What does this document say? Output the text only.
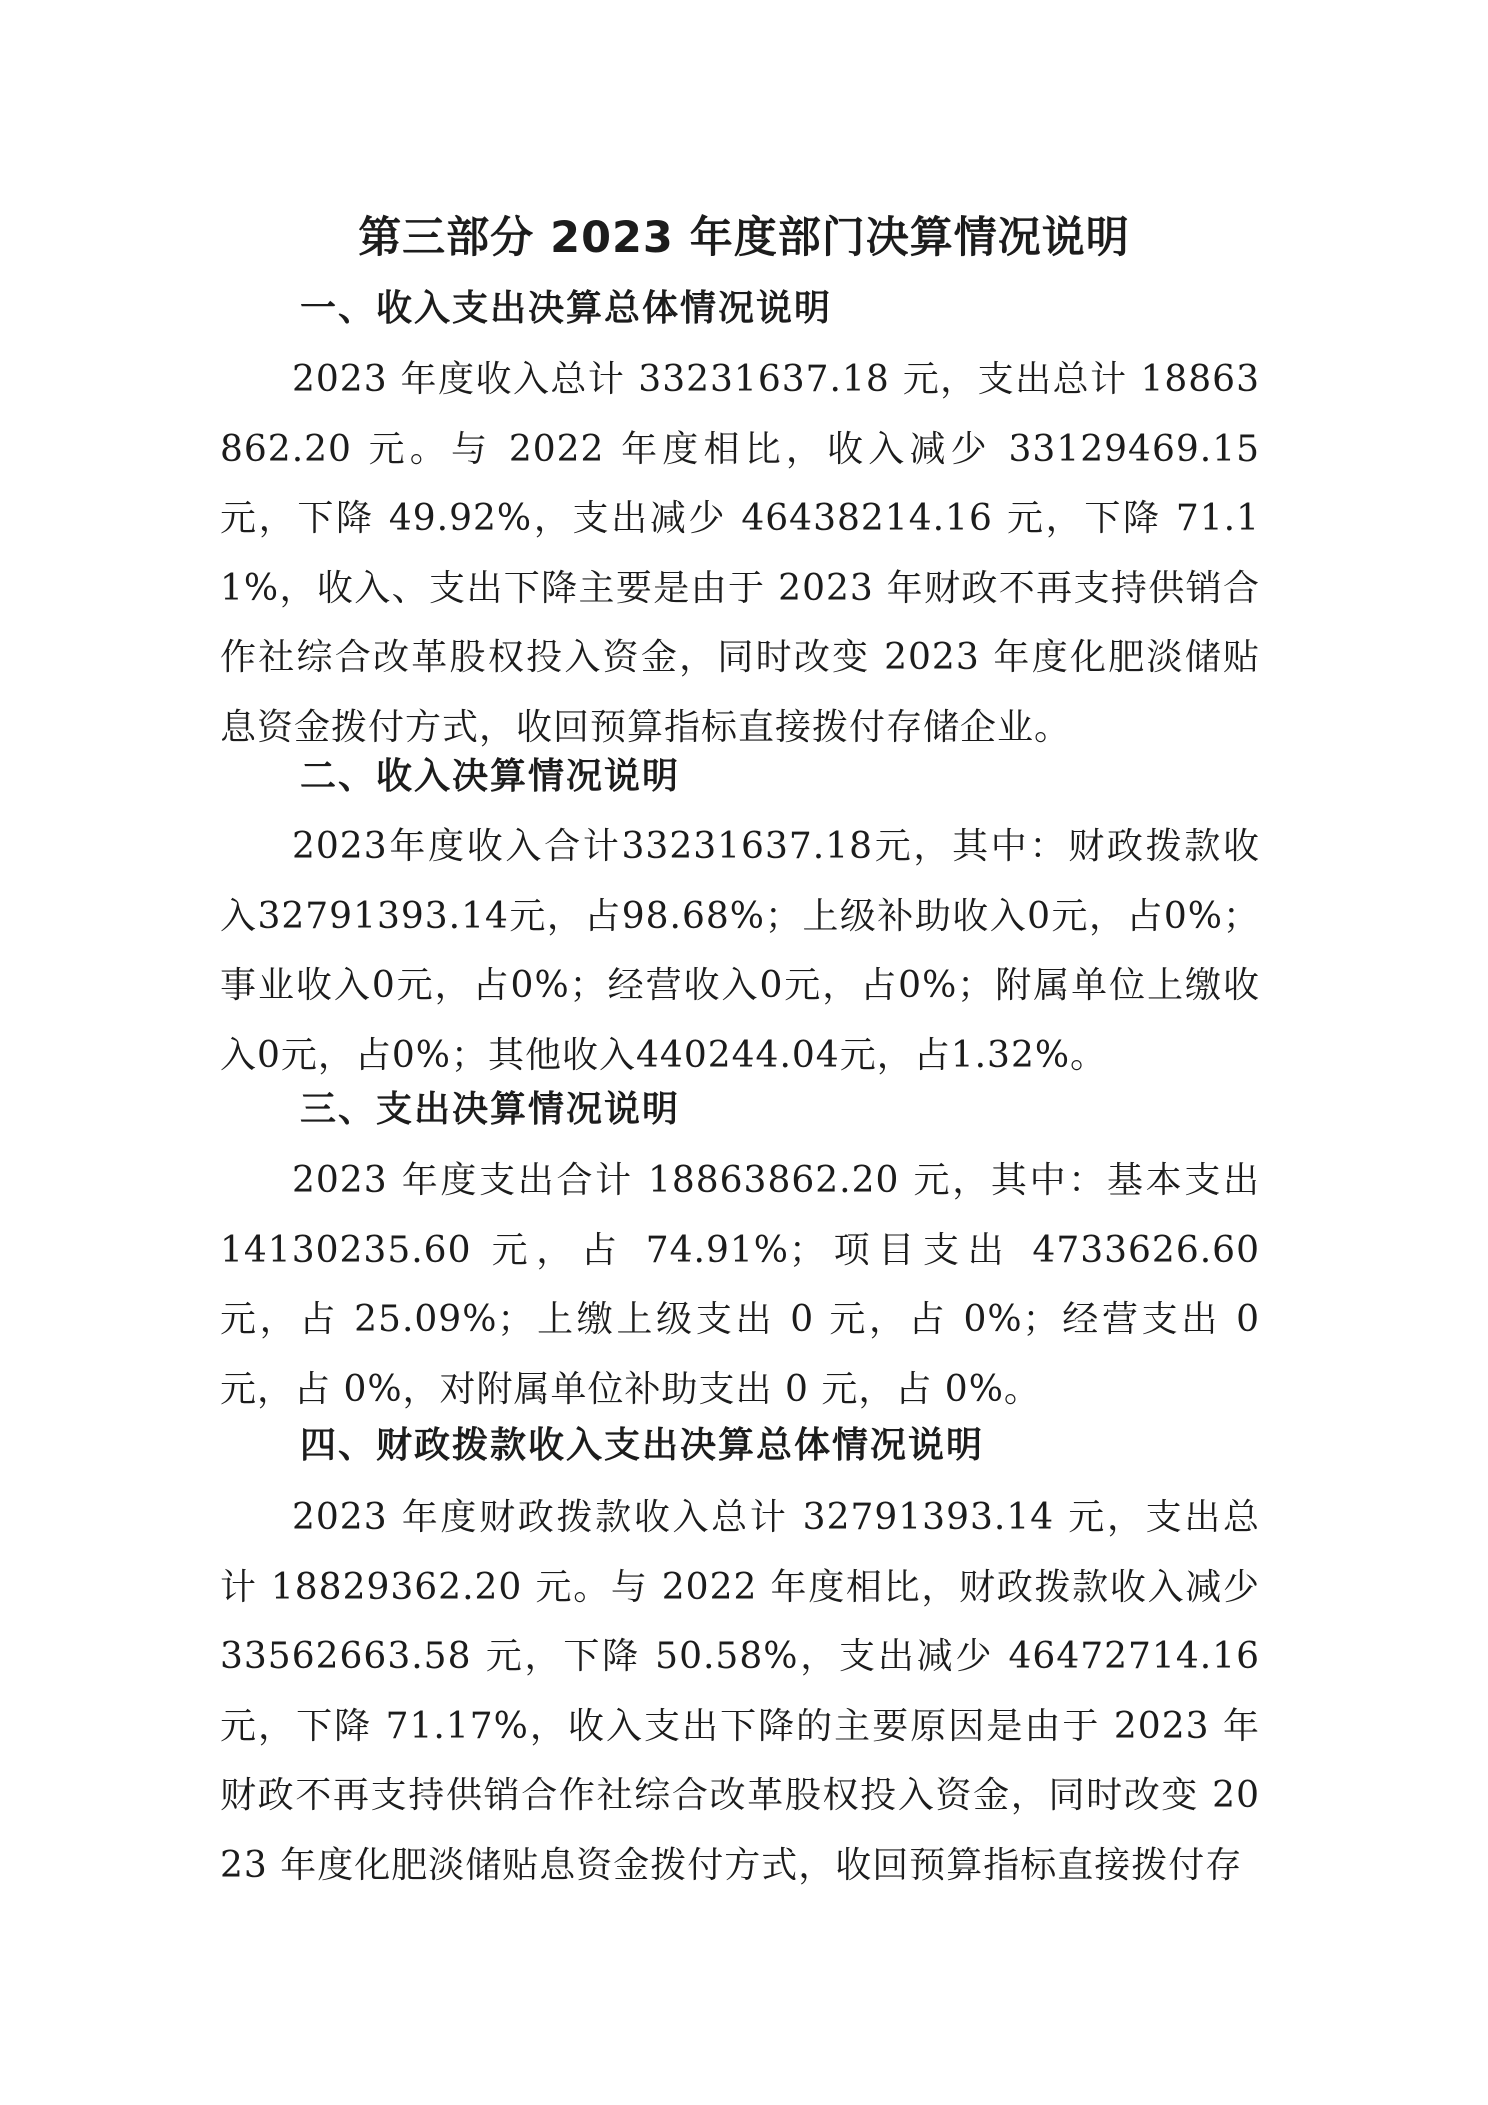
第三部分 2023 年度部门决算情况说明
一、收入支出决算总体情况说明
2023 年度收入总计 33231637.18 元，支出总计 18863862.20 元。与 2022 年度相比，收入减少 33129469.15 元，下降 49.92%，支出减少 46438214.16 元，下降 71.11%，收入、支出下降主要是由于 2023 年财政不再支持供销合作社综合改革股权投入资金，同时改变 2023 年度化肥淡储贴息资金拨付方式，收回预算指标直接拨付存储企业。
二、收入决算情况说明
2023年度收入合计33231637.18元，其中：财政拨款收入32791393.14元，占98.68%；上级补助收入0元，占0%；事业收入0元，占0%；经营收入0元，占0%；附属单位上缴收入0元，占0%；其他收入440244.04元，占1.32%。
三、支出决算情况说明
2023 年度支出合计 18863862.20 元，其中：基本支出 14130235.60 元，占 74.91%；项目支出 4733626.60 元，占 25.09%；上缴上级支出 0 元，占 0%；经营支出 0 元，占 0%，对附属单位补助支出 0 元，占 0%。
四、财政拨款收入支出决算总体情况说明
2023 年度财政拨款收入总计 32791393.14 元，支出总计 18829362.20 元。与 2022 年度相比，财政拨款收入减少 33562663.58 元，下降 50.58%，支出减少 46472714.16 元，下降 71.17%，收入支出下降的主要原因是由于 2023 年财政不再支持供销合作社综合改革股权投入资金，同时改变 2023 年度化肥淡储贴息资金拨付方式，收回预算指标直接拨付存
